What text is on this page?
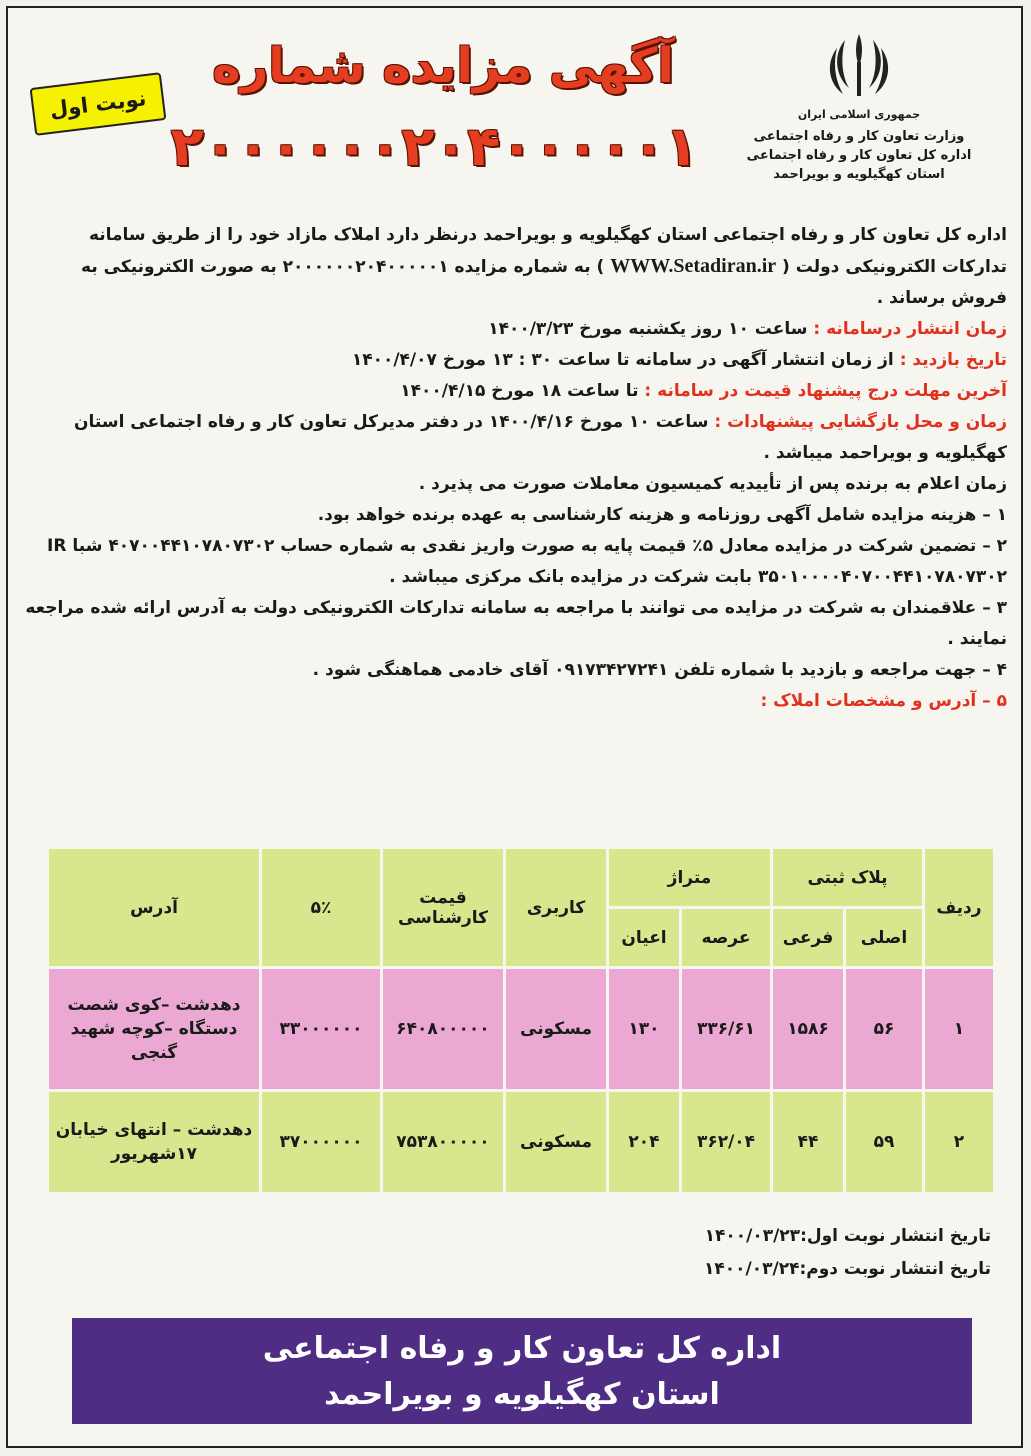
جمهوری اسلامی ایران
وزارت تعاون کار و رفاه اجتماعی
اداره کل تعاون کار و رفاه اجتماعی
استان کهگیلویه و بویراحمد
آگهی مزایده شماره
۲۰۰۰۰۰۰۲۰۴۰۰۰۰۰۱
نوبت اول

اداره کل تعاون کار و رفاه اجتماعی استان کهگیلویه و بویراحمد درنظر دارد املاک مازاد خود را از طریق سامانه تدارکات الکترونیکی دولت ( WWW.Setadiran.ir ) به شماره مزایده ۲۰۰۰۰۰۰۲۰۴۰۰۰۰۰۱ به صورت الکترونیکی به فروش برساند .

زمان انتشار درسامانه : ساعت ۱۰ روز یکشنبه مورخ ۱۴۰۰/۳/۲۳

تاریخ بازدید : از زمان انتشار آگهی در سامانه تا ساعت ۳۰ : ۱۳ مورخ ۱۴۰۰/۴/۰۷

آخرین مهلت درج پیشنهاد قیمت در سامانه : تا ساعت ۱۸ مورخ ۱۴۰۰/۴/۱۵

زمان و محل بازگشایی پیشنهادات : ساعت ۱۰ مورخ ۱۴۰۰/۴/۱۶ در دفتر مدیرکل تعاون کار و رفاه اجتماعی استان کهگیلویه و بویراحمد میباشد .

زمان اعلام به برنده پس از تأییدیه کمیسیون معاملات صورت می پذیرد .

۱ – هزینه مزایده شامل آگهی روزنامه و هزینه کارشناسی به عهده برنده خواهد بود.

۲ – تضمین شرکت در مزایده معادل ۵٪ قیمت پایه به صورت واریز نقدی به شماره حساب ۴۰۷۰۰۴۴۱۰۷۸۰۷۳۰۲ شبا IR ۳۵۰۱۰۰۰۰۴۰۷۰۰۴۴۱۰۷۸۰۷۳۰۲ بابت شرکت در مزایده بانک مرکزی میباشد .

۳ – علاقمندان به شرکت در مزایده می توانند با مراجعه به سامانه تدارکات الکترونیکی دولت به آدرس ارائه شده مراجعه نمایند .

۴ – جهت مراجعه و بازدید با شماره تلفن ۰۹۱۷۳۴۲۷۲۴۱ آقای خادمی هماهنگی شود .

۵ – آدرس و مشخصات املاک :

ردیف	پلاک ثبتی		متراژ		کاربری	قیمت کارشناسی	۵٪	آدرس
	اصلی	فرعی	عرصه	اعیان				
۱	۵۶	۱۵۸۶	۳۳۶/۶۱	۱۳۰	مسکونی	۶۴۰۸۰۰۰۰۰	۳۳۰۰۰۰۰۰	دهدشت –کوی شصت دستگاه –کوچه شهید گنجی
۲	۵۹	۴۴	۳۶۲/۰۴	۲۰۴	مسکونی	۷۵۳۸۰۰۰۰۰	۳۷۰۰۰۰۰۰	دهدشت – انتهای خیابان ۱۷شهریور
تاریخ انتشار نوبت اول:۱۴۰۰/۰۳/۲۳
تاریخ انتشار نوبت دوم:۱۴۰۰/۰۳/۲۴
اداره کل تعاون کار و رفاه اجتماعی
استان کهگیلویه و بویراحمد
